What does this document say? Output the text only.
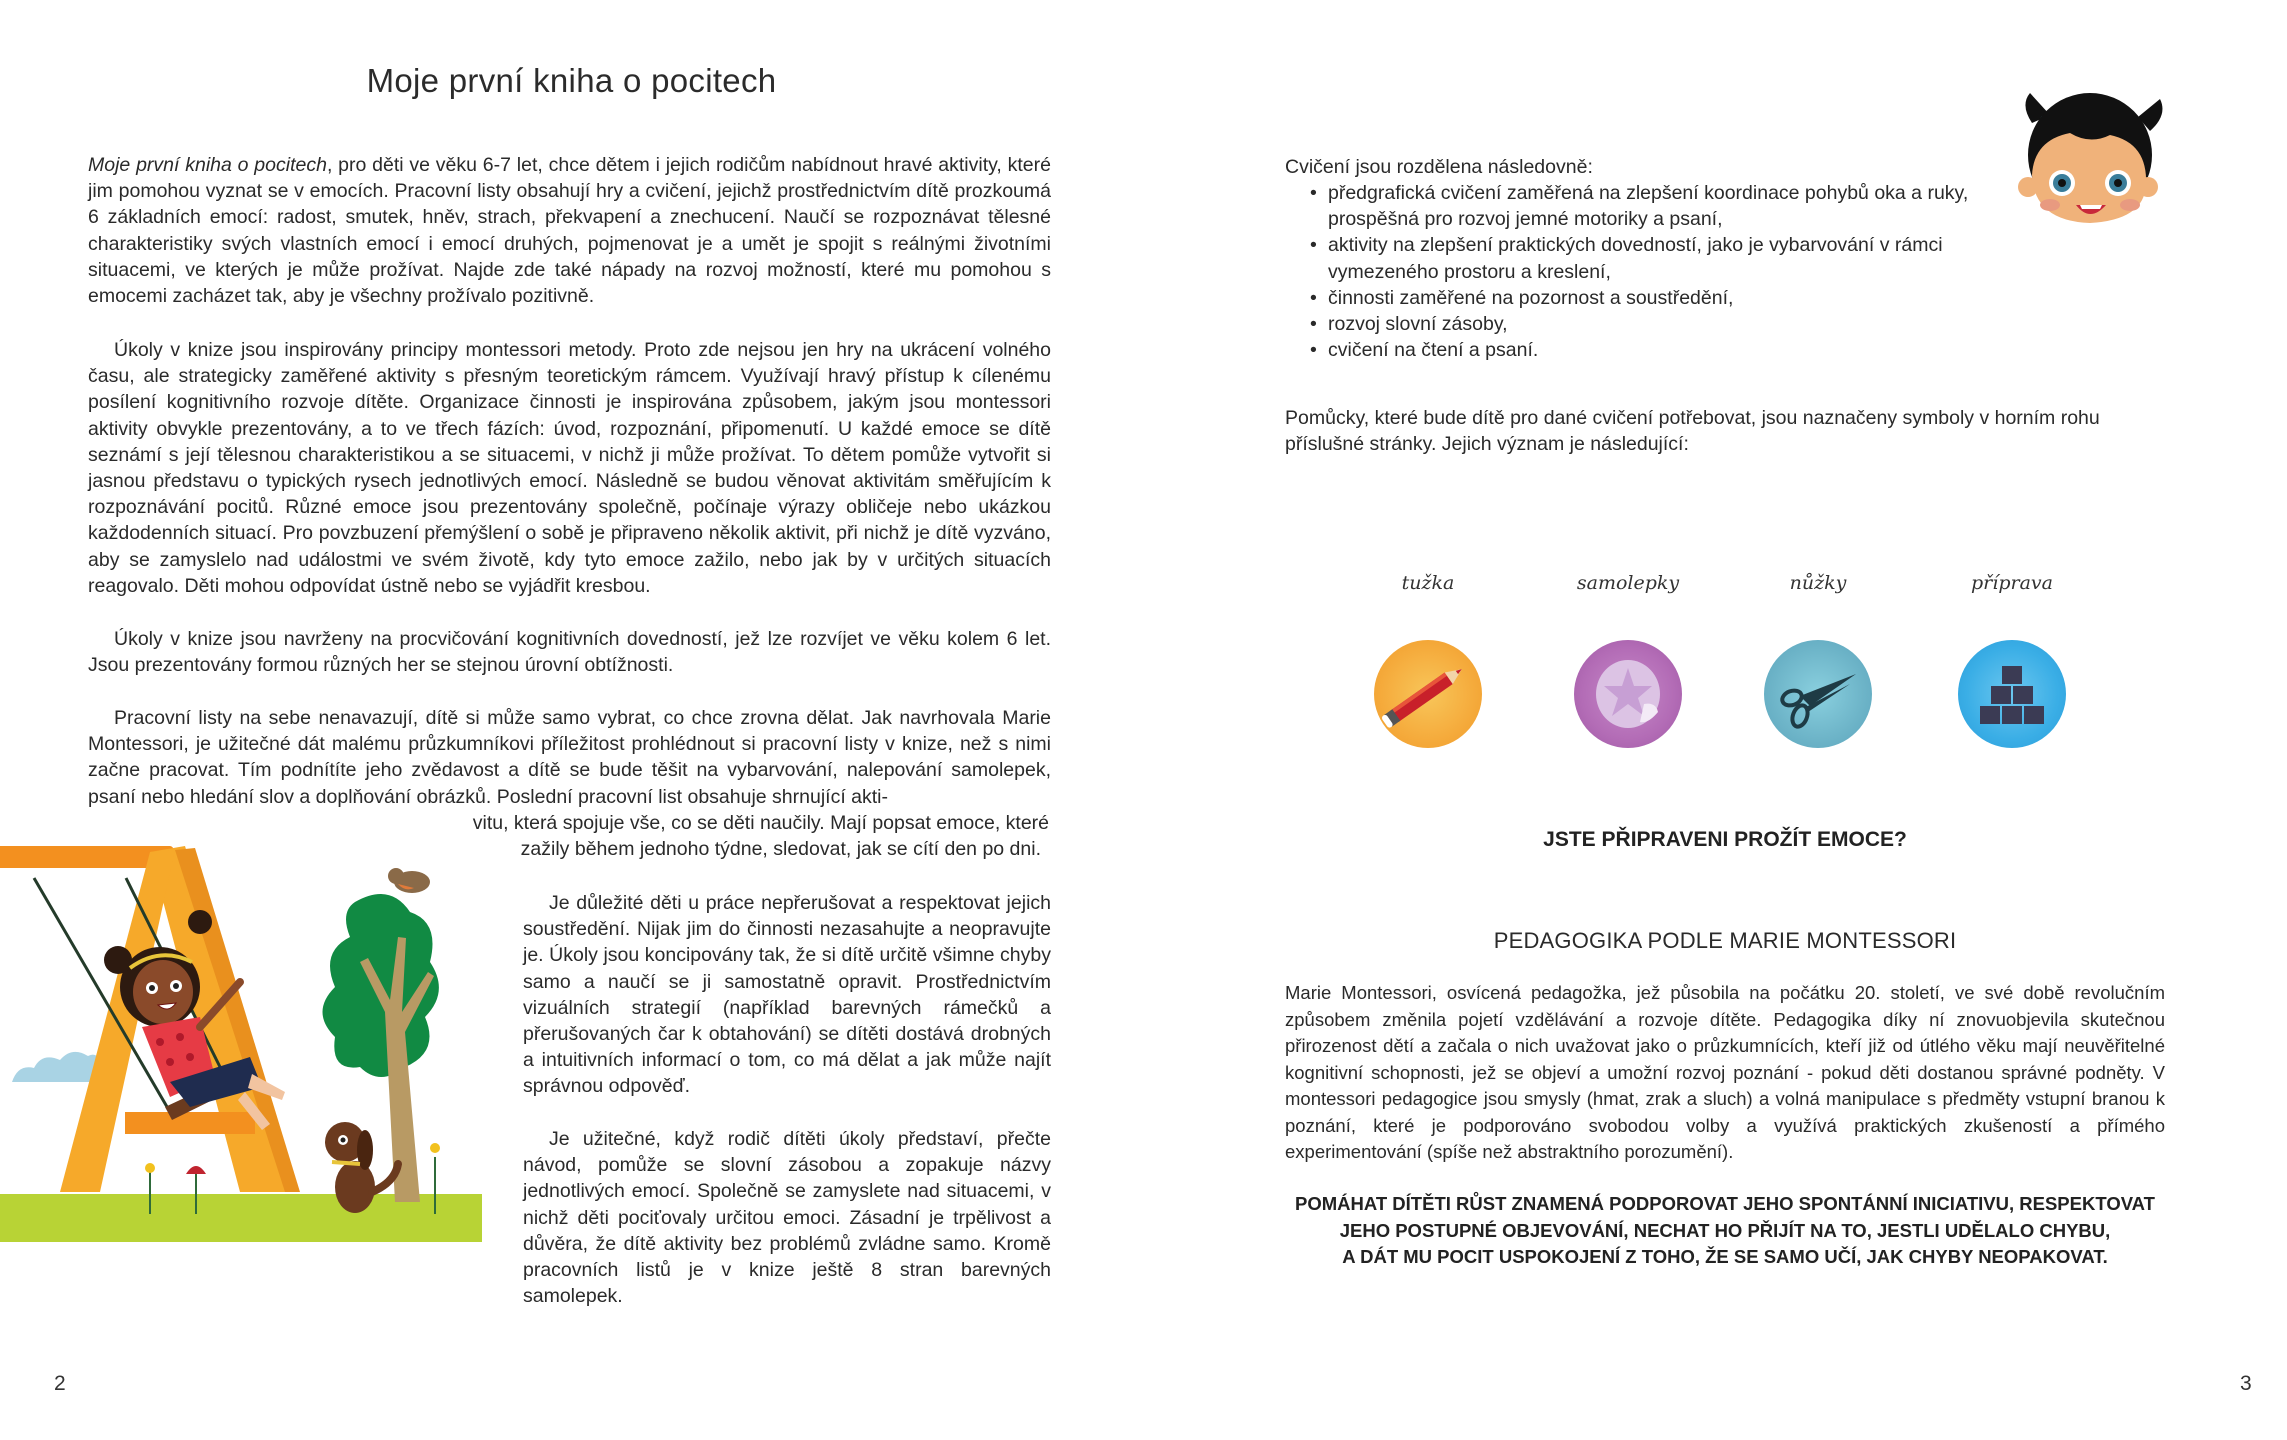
Moje první kniha o pocitech

Moje první kniha o pocitech, pro děti ve věku 6-7 let, chce dětem i jejich rodičům nabídnout hravé aktivity, které jim pomohou vyznat se v emocích. Pracovní listy obsahují hry a cvičení, jejichž prostřednictvím dítě prozkoumá 6 základních emocí: radost, smutek, hněv, strach, překvapení a znechucení. Naučí se rozpoznávat tělesné charakteristiky svých vlastních emocí i emocí druhých, pojmenovat je a umět je spojit s reálnými životními situacemi, ve kterých je může prožívat. Najde zde také nápady na rozvoj možností, které mu pomohou s emocemi zacházet tak, aby je všechny prožívalo pozitivně.

Úkoly v knize jsou inspirovány principy montessori metody. Proto zde nejsou jen hry na ukrácení volného času, ale strategicky zaměřené aktivity s přesným teoretickým rámcem. Využívají hravý přístup k cílenému posílení kognitivního rozvoje dítěte. Organizace činnosti je inspirována způsobem, jakým jsou montessori aktivity obvykle prezentovány, a to ve třech fázích: úvod, rozpoznání, připomenutí. U každé emoce se dítě seznámí s její tělesnou charakteristikou a se situacemi, v nichž ji může prožívat. To dětem pomůže vytvořit si jasnou představu o typických rysech jednotlivých emocí. Následně se budou věnovat aktivitám směřujícím k rozpoznávání pocitů. Různé emoce jsou prezentovány společně, počínaje výrazy obličeje nebo ukázkou každodenních situací. Pro povzbuzení přemýšlení o sobě je připraveno několik aktivit, při nichž je dítě vyzváno, aby se zamyslelo nad událostmi ve svém životě, kdy tyto emoce zažilo, nebo jak by v určitých situacích reagovalo. Děti mohou odpovídat ústně nebo se vyjádřit kresbou.

Úkoly v knize jsou navrženy na procvičování kognitivních dovedností, jež lze rozvíjet ve věku kolem 6 let. Jsou prezentovány formou různých her se stejnou úrovní obtížnosti.

Pracovní listy na sebe nenavazují, dítě si může samo vybrat, co chce zrovna dělat. Jak navrhovala Marie Montessori, je užitečné dát malému průzkumníkovi příležitost prohlédnout si pracovní listy v knize, než s nimi začne pracovat. Tím podnítíte jeho zvědavost a dítě se bude těšit na vybarvování, nalepování samolepek, psaní nebo hledání slov a doplňování obrázků. Poslední pracovní list obsahuje shrnující akti-

vitu, která spojuje vše, co se děti naučily. Mají popsat emoce, které
zažily během jednoho týdne, sledovat, jak se cítí den po dni.

Je důležité děti u práce nepřerušovat a respektovat jejich soustředění. Nijak jim do činnosti nezasahujte a neopravujte je. Úkoly jsou koncipovány tak, že si dítě určitě všimne chyby samo a naučí se ji samostatně opravit. Prostřednictvím vizuálních strategií (například barevných rámečků a přerušovaných čar k obtahování) se dítěti dostává drobných a intuitivních informací o tom, co má dělat a jak může najít správnou odpověď.

Je užitečné, když rodič dítěti úkoly představí, přečte návod, pomůže se slovní zásobou a zopakuje názvy jednotlivých emocí. Společně se zamyslete nad situacemi, v nichž děti pociťovaly určitou emoci. Zásadní je trpělivost a důvěra, že dítě aktivity bez problémů zvládne samo. Kromě pracovních listů je v knize ještě 8 stran barevných samolepek.

2

Cvičení jsou rozdělena následovně:

• předgrafická cvičení zaměřená na zlepšení koordinace pohybů oka a ruky, prospěšná pro rozvoj jemné motoriky a psaní,
• aktivity na zlepšení praktických dovedností, jako je vybarvování v rámci vymezeného prostoru a kreslení,
• činnosti zaměřené na pozornost a soustředění,
• rozvoj slovní zásoby,
• cvičení na čtení a psaní.

Pomůcky, které bude dítě pro dané cvičení potřebovat, jsou naznačeny symboly v horním rohu příslušné stránky. Jejich význam je následující:

tužka	samolepky	nůžky	příprava
JSTE PŘIPRAVENI PROŽÍT EMOCE?
PEDAGOGIKA PODLE MARIE MONTESSORI

Marie Montessori, osvícená pedagožka, jež působila na počátku 20. století, ve své době revolučním způsobem změnila pojetí vzdělávání a rozvoje dítěte. Pedagogika díky ní znovuobjevila skutečnou přirozenost dětí a začala o nich uvažovat jako o průzkumnících, kteří již od útlého věku mají neuvěřitelné kognitivní schopnosti, jež se objeví a umožní rozvoj poznání - pokud děti dostanou správné podněty. V montessori pedagogice jsou smysly (hmat, zrak a sluch) a volná manipulace s předměty vstupní branou k poznání, které je podporováno svobodou volby a využívá praktických zkušeností a přímého experimentování (spíše než abstraktního porozumění).

POMÁHAT DÍTĚTI RŮST ZNAMENÁ PODPOROVAT JEHO SPONTÁNNÍ INICIATIVU, RESPEKTOVAT
JEHO POSTUPNÉ OBJEVOVÁNÍ, NECHAT HO PŘIJÍT NA TO, JESTLI UDĚLALO CHYBU,
A DÁT MU POCIT USPOKOJENÍ Z TOHO, ŽE SE SAMO UČÍ, JAK CHYBY NEOPAKOVAT.
3
